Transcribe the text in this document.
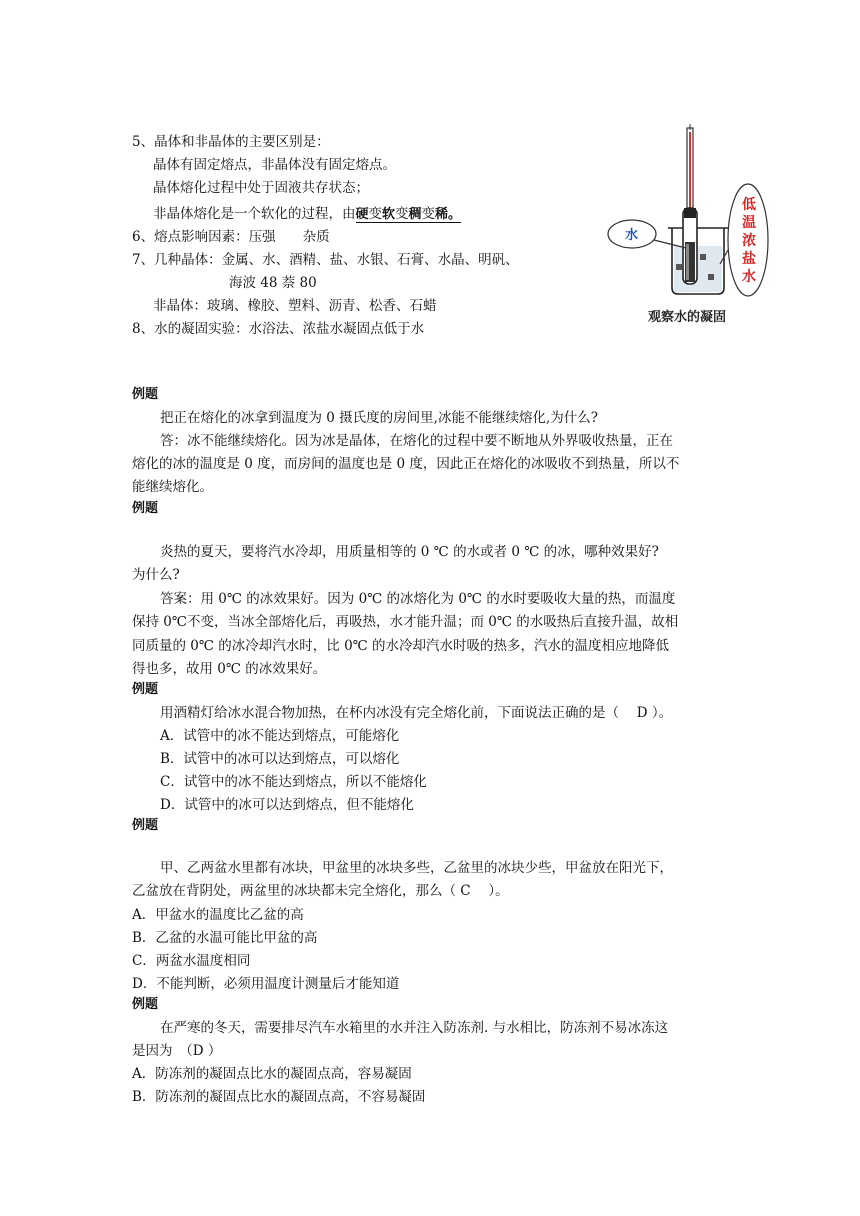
5、晶体和非晶体的主要区别是：
晶体有固定熔点，非晶体没有固定熔点。
晶体熔化过程中处于固液共存状态；
非晶体熔化是一个软化的过程，由硬变软变稠变稀。
6、熔点影响因素：压强　　杂质
7、几种晶体：金属、水、酒精、盐、水银、石膏、水晶、明矾、
海波 48 萘 80
非晶体：玻璃、橡胶、塑料、沥青、松香、石蜡
8、水的凝固实验：水浴法、浓盐水凝固点低于水
水
低
温
浓
盐
水
观察水的凝固
例题
把正在熔化的冰拿到温度为 0 摄氏度的房间里,冰能不能继续熔化,为什么?
答：冰不能继续熔化。因为冰是晶体，在熔化的过程中要不断地从外界吸收热量，正在
熔化的冰的温度是 0 度，而房间的温度也是 0 度，因此正在熔化的冰吸收不到热量，所以不
能继续熔化。
例题
炎热的夏天，要将汽水冷却，用质量相等的 0 ℃ 的水或者 0 ℃ 的冰，哪种效果好?
为什么?
答案：用 0℃ 的冰效果好。因为 0℃ 的冰熔化为 0℃ 的水时要吸收大量的热，而温度
保持 0℃不变，当冰全部熔化后，再吸热，水才能升温；而 0℃ 的水吸热后直接升温，故相
同质量的 0℃ 的冰冷却汽水时，比 0℃ 的水冷却汽水时吸的热多，汽水的温度相应地降低
得也多，故用 0℃ 的冰效果好。
例题
用酒精灯给冰水混合物加热，在杯内冰没有完全熔化前，下面说法正确的是（　 D ）。
A．试管中的冰不能达到熔点，可能熔化
B．试管中的冰可以达到熔点，可以熔化
C．试管中的冰不能达到熔点，所以不能熔化
D．试管中的冰可以达到熔点，但不能熔化
例题
甲、乙两盆水里都有冰块，甲盆里的冰块多些，乙盆里的冰块少些，甲盆放在阳光下，
乙盆放在背阴处，两盆里的冰块都未完全熔化，那么（ C　 ）。
A．甲盆水的温度比乙盆的高
B．乙盆的水温可能比甲盆的高
C．两盆水温度相同
D．不能判断，必须用温度计测量后才能知道
例题
在严寒的冬天，需要排尽汽车水箱里的水并注入防冻剂. 与水相比，防冻剂不易冰冻这
是因为　（D ）
A．防冻剂的凝固点比水的凝固点高，容易凝固
B．防冻剂的凝固点比水的凝固点高，不容易凝固
